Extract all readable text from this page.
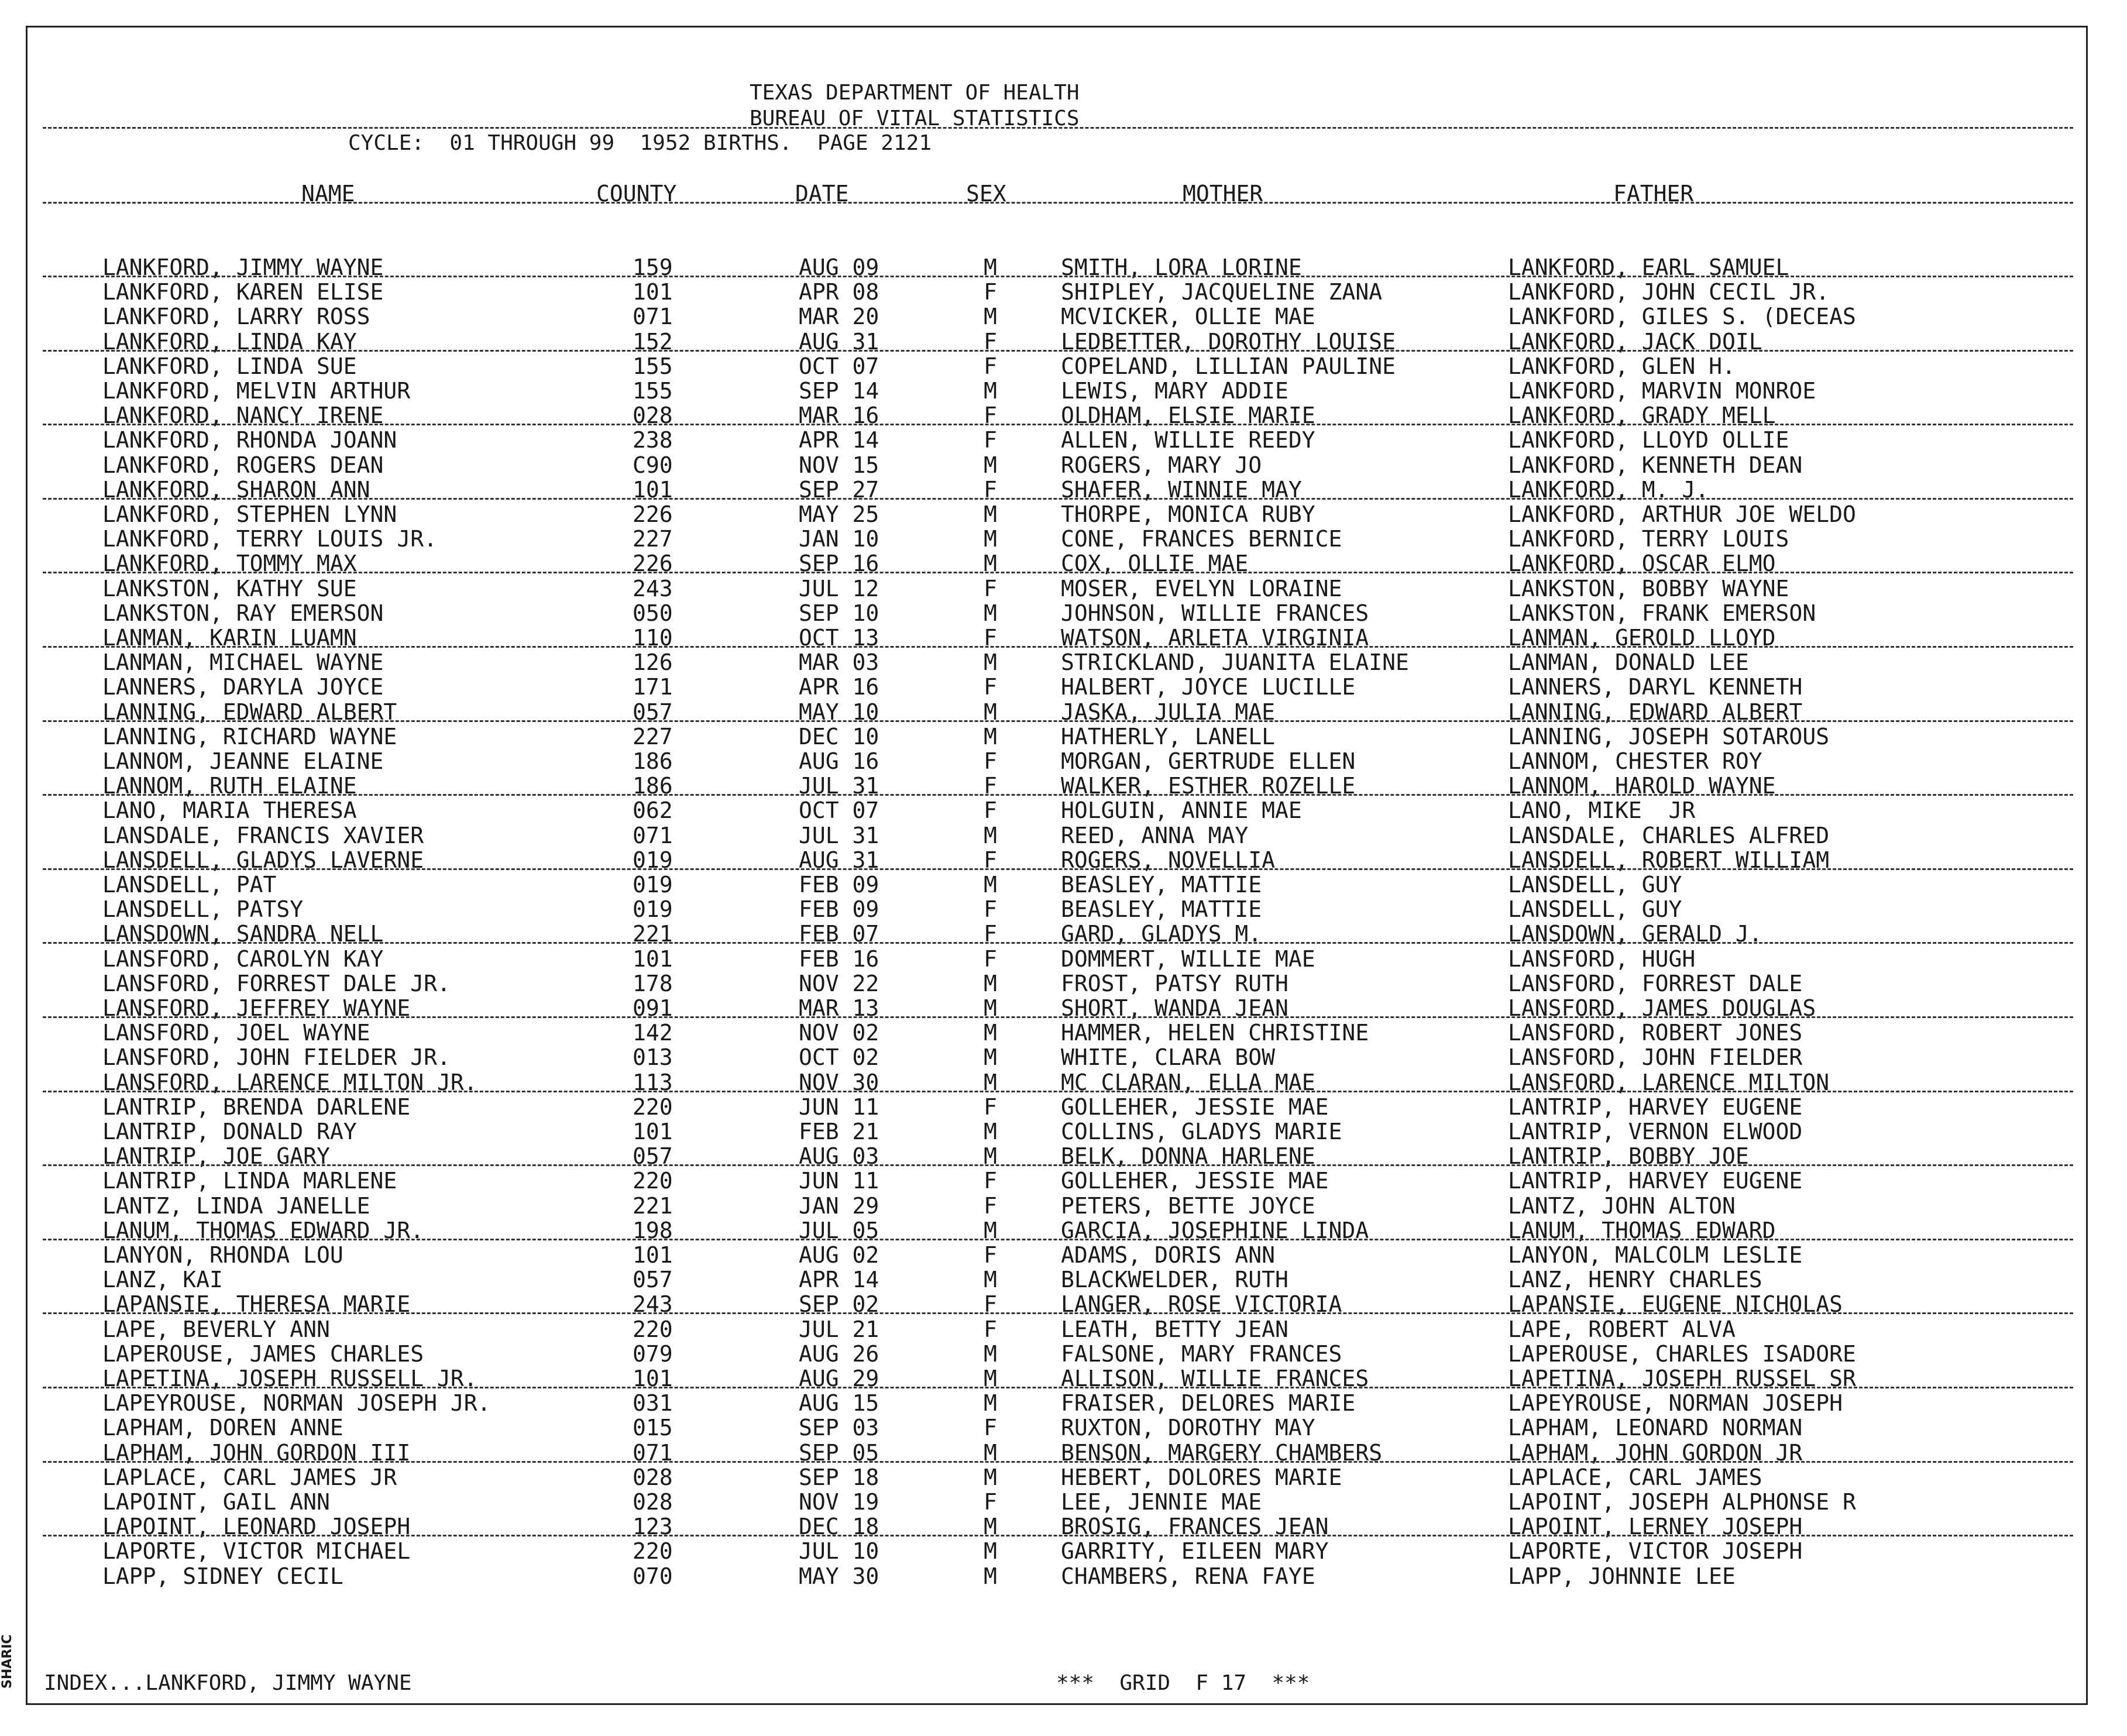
TEXAS DEPARTMENT OF HEALTH
BUREAU OF VITAL STATISTICS
CYCLE:  01 THROUGH 99  1952 BIRTHS.  PAGE 2121
NAME	COUNTY	DATE	SEX	MOTHER	FATHER
LANKFORD, JIMMY WAYNE	159	AUG 09	M	SMITH, LORA LORINE	LANKFORD, EARL SAMUEL
LANKFORD, KAREN ELISE	101	APR 08	F	SHIPLEY, JACQUELINE ZANA	LANKFORD, JOHN CECIL JR.
LANKFORD, LARRY ROSS	071	MAR 20	M	MCVICKER, OLLIE MAE	LANKFORD, GILES S. (DECEAS
LANKFORD, LINDA KAY	152	AUG 31	F	LEDBETTER, DOROTHY LOUISE	LANKFORD, JACK DOIL
LANKFORD, LINDA SUE	155	OCT 07	F	COPELAND, LILLIAN PAULINE	LANKFORD, GLEN H.
LANKFORD, MELVIN ARTHUR	155	SEP 14	M	LEWIS, MARY ADDIE	LANKFORD, MARVIN MONROE
LANKFORD, NANCY IRENE	028	MAR 16	F	OLDHAM, ELSIE MARIE	LANKFORD, GRADY MELL
LANKFORD, RHONDA JOANN	238	APR 14	F	ALLEN, WILLIE REEDY	LANKFORD, LLOYD OLLIE
LANKFORD, ROGERS DEAN	C90	NOV 15	M	ROGERS, MARY JO	LANKFORD, KENNETH DEAN
LANKFORD, SHARON ANN	101	SEP 27	F	SHAFER, WINNIE MAY	LANKFORD, M. J.
LANKFORD, STEPHEN LYNN	226	MAY 25	M	THORPE, MONICA RUBY	LANKFORD, ARTHUR JOE WELDO
LANKFORD, TERRY LOUIS JR.	227	JAN 10	M	CONE, FRANCES BERNICE	LANKFORD, TERRY LOUIS
LANKFORD, TOMMY MAX	226	SEP 16	M	COX, OLLIE MAE	LANKFORD, OSCAR ELMO
LANKSTON, KATHY SUE	243	JUL 12	F	MOSER, EVELYN LORAINE	LANKSTON, BOBBY WAYNE
LANKSTON, RAY EMERSON	050	SEP 10	M	JOHNSON, WILLIE FRANCES	LANKSTON, FRANK EMERSON
LANMAN, KARIN LUAMN	110	OCT 13	F	WATSON, ARLETA VIRGINIA	LANMAN, GEROLD LLOYD
LANMAN, MICHAEL WAYNE	126	MAR 03	M	STRICKLAND, JUANITA ELAINE	LANMAN, DONALD LEE
LANNERS, DARYLA JOYCE	171	APR 16	F	HALBERT, JOYCE LUCILLE	LANNERS, DARYL KENNETH
LANNING, EDWARD ALBERT	057	MAY 10	M	JASKA, JULIA MAE	LANNING, EDWARD ALBERT
LANNING, RICHARD WAYNE	227	DEC 10	M	HATHERLY, LANELL	LANNING, JOSEPH SOTAROUS
LANNOM, JEANNE ELAINE	186	AUG 16	F	MORGAN, GERTRUDE ELLEN	LANNOM, CHESTER ROY
LANNOM, RUTH ELAINE	186	JUL 31	F	WALKER, ESTHER ROZELLE	LANNOM, HAROLD WAYNE
LANO, MARIA THERESA	062	OCT 07	F	HOLGUIN, ANNIE MAE	LANO, MIKE  JR
LANSDALE, FRANCIS XAVIER	071	JUL 31	M	REED, ANNA MAY	LANSDALE, CHARLES ALFRED
LANSDELL, GLADYS LAVERNE	019	AUG 31	F	ROGERS, NOVELLIA	LANSDELL, ROBERT WILLIAM
LANSDELL, PAT	019	FEB 09	M	BEASLEY, MATTIE	LANSDELL, GUY
LANSDELL, PATSY	019	FEB 09	F	BEASLEY, MATTIE	LANSDELL, GUY
LANSDOWN, SANDRA NELL	221	FEB 07	F	GARD, GLADYS M.	LANSDOWN, GERALD J.
LANSFORD, CAROLYN KAY	101	FEB 16	F	DOMMERT, WILLIE MAE	LANSFORD, HUGH
LANSFORD, FORREST DALE JR.	178	NOV 22	M	FROST, PATSY RUTH	LANSFORD, FORREST DALE
LANSFORD, JEFFREY WAYNE	091	MAR 13	M	SHORT, WANDA JEAN	LANSFORD, JAMES DOUGLAS
LANSFORD, JOEL WAYNE	142	NOV 02	M	HAMMER, HELEN CHRISTINE	LANSFORD, ROBERT JONES
LANSFORD, JOHN FIELDER JR.	013	OCT 02	M	WHITE, CLARA BOW	LANSFORD, JOHN FIELDER
LANSFORD, LARENCE MILTON JR.	113	NOV 30	M	MC CLARAN, ELLA MAE	LANSFORD, LARENCE MILTON
LANTRIP, BRENDA DARLENE	220	JUN 11	F	GOLLEHER, JESSIE MAE	LANTRIP, HARVEY EUGENE
LANTRIP, DONALD RAY	101	FEB 21	M	COLLINS, GLADYS MARIE	LANTRIP, VERNON ELWOOD
LANTRIP, JOE GARY	057	AUG 03	M	BELK, DONNA HARLENE	LANTRIP, BOBBY JOE
LANTRIP, LINDA MARLENE	220	JUN 11	F	GOLLEHER, JESSIE MAE	LANTRIP, HARVEY EUGENE
LANTZ, LINDA JANELLE	221	JAN 29	F	PETERS, BETTE JOYCE	LANTZ, JOHN ALTON
LANUM, THOMAS EDWARD JR.	198	JUL 05	M	GARCIA, JOSEPHINE LINDA	LANUM, THOMAS EDWARD
LANYON, RHONDA LOU	101	AUG 02	F	ADAMS, DORIS ANN	LANYON, MALCOLM LESLIE
LANZ, KAI	057	APR 14	M	BLACKWELDER, RUTH	LANZ, HENRY CHARLES
LAPANSIE, THERESA MARIE	243	SEP 02	F	LANGER, ROSE VICTORIA	LAPANSIE, EUGENE NICHOLAS
LAPE, BEVERLY ANN	220	JUL 21	F	LEATH, BETTY JEAN	LAPE, ROBERT ALVA
LAPEROUSE, JAMES CHARLES	079	AUG 26	M	FALSONE, MARY FRANCES	LAPEROUSE, CHARLES ISADORE
LAPETINA, JOSEPH RUSSELL JR.	101	AUG 29	M	ALLISON, WILLIE FRANCES	LAPETINA, JOSEPH RUSSEL SR
LAPEYROUSE, NORMAN JOSEPH JR.	031	AUG 15	M	FRAISER, DELORES MARIE	LAPEYROUSE, NORMAN JOSEPH
LAPHAM, DOREN ANNE	015	SEP 03	F	RUXTON, DOROTHY MAY	LAPHAM, LEONARD NORMAN
LAPHAM, JOHN GORDON III	071	SEP 05	M	BENSON, MARGERY CHAMBERS	LAPHAM, JOHN GORDON JR
LAPLACE, CARL JAMES JR	028	SEP 18	M	HEBERT, DOLORES MARIE	LAPLACE, CARL JAMES
LAPOINT, GAIL ANN	028	NOV 19	F	LEE, JENNIE MAE	LAPOINT, JOSEPH ALPHONSE R
LAPOINT, LEONARD JOSEPH	123	DEC 18	M	BROSIG, FRANCES JEAN	LAPOINT, LERNEY JOSEPH
LAPORTE, VICTOR MICHAEL	220	JUL 10	M	GARRITY, EILEEN MARY	LAPORTE, VICTOR JOSEPH
LAPP, SIDNEY CECIL	070	MAY 30	M	CHAMBERS, RENA FAYE	LAPP, JOHNNIE LEE
INDEX...LANKFORD, JIMMY WAYNE	***  GRID  F 17  ***
SHARIC
